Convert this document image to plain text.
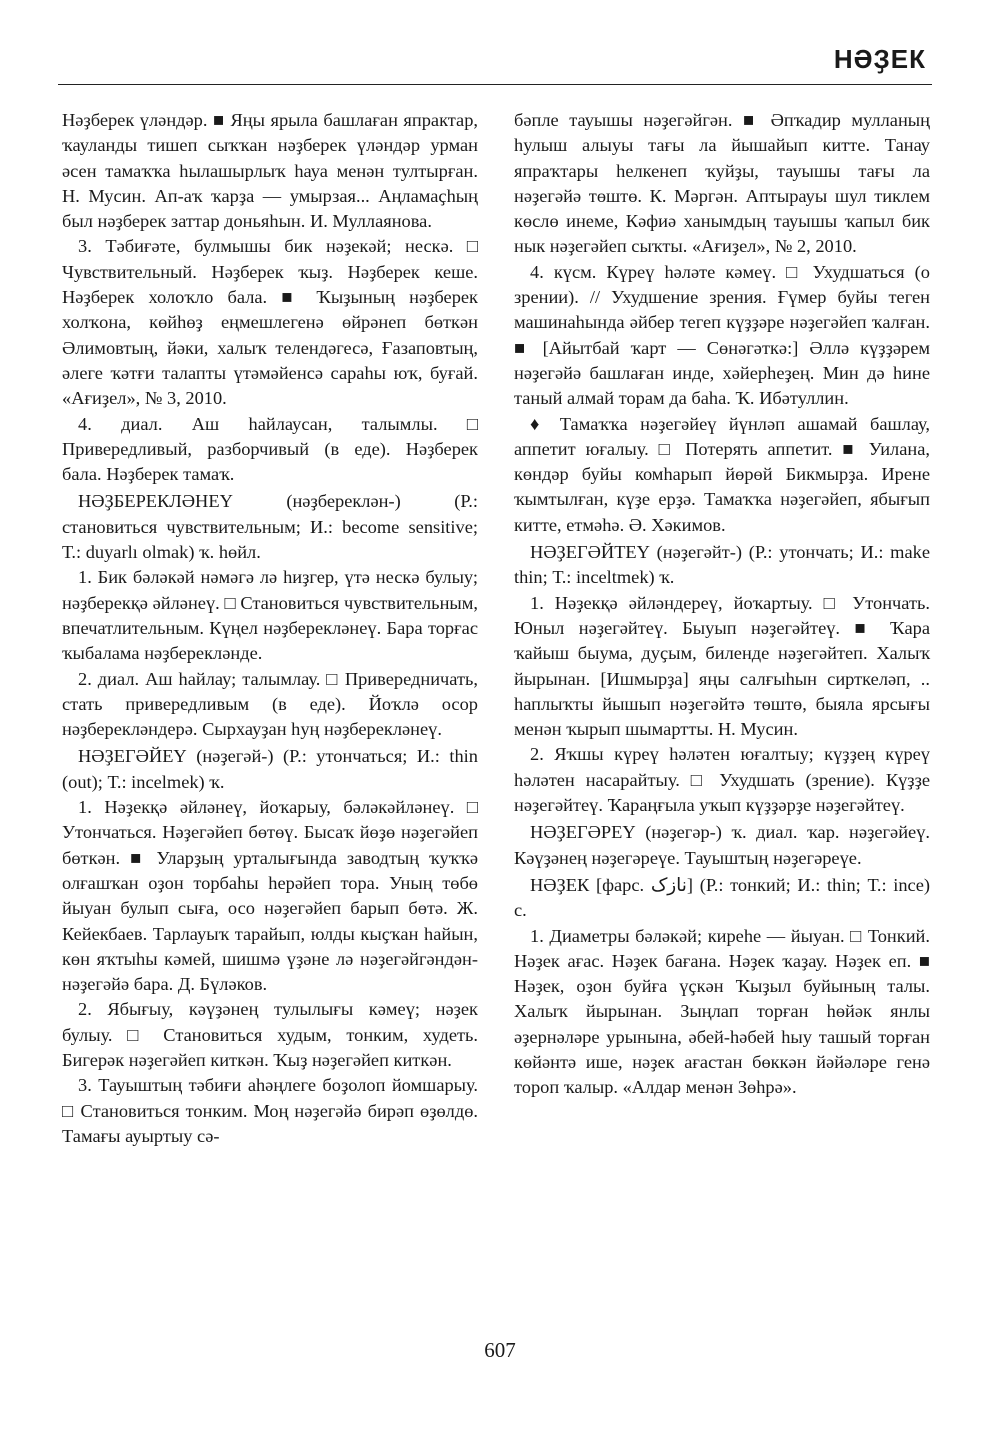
НӘҘЕК

Нәҙберек үләндәр. ■ Яңы ярыла башлаған япрактар, ҡауланды тишеп сыҡҡан нәҙберек үләндәр урман әсен тамаҡҡа һылашырлыҡ һауа менән тултырған. Н. Мусин. Ап-аҡ ҡарҙа — умырзая... Аңламаҫһың был нәҙберек заттар доньяһын. И. Муллаянова.

3. Тәбиғәте, булмышы бик нәҙекәй; нескә. □ Чувствительный. Нәҙберек ҡыҙ. Нәҙберек кеше. Нәҙберек холоҡло бала. ■ Ҡыҙының нәҙберек холҡона, көйһөҙ еңмешлегенә өйрәнеп бөткән Әлимовтың, йәки, халыҡ телендәгесә, Ғазаповтың, әлеге ҡәтғи талапты үтәмәйенсә сараһы юҡ, буғай. «Ағиҙел», № 3, 2010.

4. диал. Аш һайлаусан, талымлы. □ Привередливый, разборчивый (в еде). Нәҙберек бала. Нәҙберек тамаҡ.

НӘҘБЕРЕКЛӘНЕҮ (нәҙбереклән-) (Р.: становиться чувствительным; И.: become sensitive; Т.: duyarlı olmak) ҡ. һөйл.

1. Бик бәләкәй нәмәгә лә һиҙгер, үтә нескә булыу; нәҙберекқә әйләнеү. □ Становиться чувствительным, впечатлительным. Күңел нәҙбереклəнеү. Бара торғас ҡыбалама нәҙбереклəнде.

2. диал. Аш һайлау; талымлау. □ Привередничать, стать привередливым (в еде). Йоҡлә осор нәҙбереклəндерә. Сырхауҙан һуң нәҙбереклəнеү.

НӘҘЕГӘЙЕҮ (нәҙегәй-) (Р.: утончаться; И.: thin (out); Т.: incelmek) ҡ.

1. Нәҙекқә әйләнеү, йоҡарыу, бәләкәйләнеү. □ Утончаться. Нәҙегәйеп бөтөү. Бысаҡ йөҙө нәҙегәйеп бөткән. ■ Уларҙың урталығында заводтың ҡуҡҡә олғашҡан оҙон торбаһы һерәйеп тора. Уның төбө йыуан булып сыға, осо нәҙегәйеп барып бөтә. Ж. Кейекбаев. Тарлауыҡ тарайып, юлды кыҫҡан һайын, көн яҡтыһы кәмей, шишмә үҙәне лә нәҙегәйгәндән-нәҙегәйә бара. Д. Бүләков.

2. Ябығыу, кәүҙәнең тулылығы кәмеү; нәҙек булыу. □ Становиться худым, тонким, худеть. Бигерәк нәҙегәйеп киткән. Ҡыҙ нәҙегәйеп киткән.

3. Тауыштың тәбиғи аһәңлеге боҙолоп йомшарыу. □ Становиться тонким. Моң нәҙегәйә бирәп өҙөлдө. Тамағы ауыртыу сә-

бәпле тауышы нәҙегәйгән. ■ Әпҡадир мулланың һулыш алыуы тағы ла йышайып китте. Танау япраҡтары һелкенеп ҡуйҙы, тауышы тағы ла нәҙегәйә төштө. К. Мәргән. Аптырауы шул тиклем көслө инеме, Кәфиә ханымдың тауышы ҡапыл бик нык нәҙегәйеп сыҡты. «Ағиҙел», № 2, 2010.

4. күсм. Күреү һәләте кәмеү. □ Ухудшаться (о зрении). // Ухудшение зрения. Ғүмер буйы теген машинаһында әйбер тегеп күҙҙәре нәҙегәйеп ҡалған. ■ [Айытбай ҡарт — Сөнәгәткә:] Әллә күҙҙәрем нәҙегәйә башлаған инде, хәйерһеҙең. Мин дә һине таный алмай торам да баһа. Ҡ. Ибәтуллин.

♦ Тамаҡҡа нәҙегәйеү йүнләп ашамай башлау, аппетит юғалыу. □ Потерять аппетит. ■ Уилана, көндәр буйы комһарып йөрөй Бикмырҙа. Ирене ҡымтылған, күҙе ерҙә. Тамаҡҡа нәҙегәйеп, ябығып китте, етмәһә. Ә. Хәкимов.

НӘҘЕГӘЙТЕҮ (нәҙегәйт-) (Р.: утончать; И.: make thin; Т.: inceltmek) ҡ.

1. Нәҙекқә әйләндереү, йоҡартыу. □ Утончать. Юныл нәҙегәйтеү. Быуып нәҙегәйтеү. ■ Ҡара ҡайыш быума, дуҫым, биленде нәҙегәйтеп. Халыҡ йырынан. [Ишмырҙа] яңы салғыһын сирткеләп, .. һаплыҡты йышып нәҙегәйтә төштө, быяла ярсығы менән ҡырып шымартты. Н. Мусин.

2. Яҡшы күреү һәләтен юғалтыу; күҙҙең күреү һәләтен насарайтыу. □ Ухудшать (зрение). Күҙҙе нәҙегәйтеү. Ҡараңғыла уҡып күҙҙәрҙе нәҙегәйтеү.

НӘҘЕГӘРЕҮ (нәҙегәр-) ҡ. диал. ҡар. нәҙегәйеү. Кәүҙәнең нәҙегәреүе. Тауыштың нәҙегәреүе.

НӘҘЕК [фарс. نازک] (Р.: тонкий; И.: thin; Т.: ince) с.

1. Диаметры бәләкәй; киреһе — йыуан. □ Тонкий. Нәҙек ағас. Нәҙек бағана. Нәҙек ҡаҙау. Нәҙек еп. ■ Нәҙек, оҙон буйға үҫкән Ҡыҙыл буйының талы. Халыҡ йырынан. Зыңлап торған һөйәк янлы әҙернәләре урынына, әбей-һәбей һыу ташый торған көйәнтә ише, нәҙек ағастан бөккән йәйәләре генә тороп ҡалыр. «Алдар менән Зөһрә».

607
